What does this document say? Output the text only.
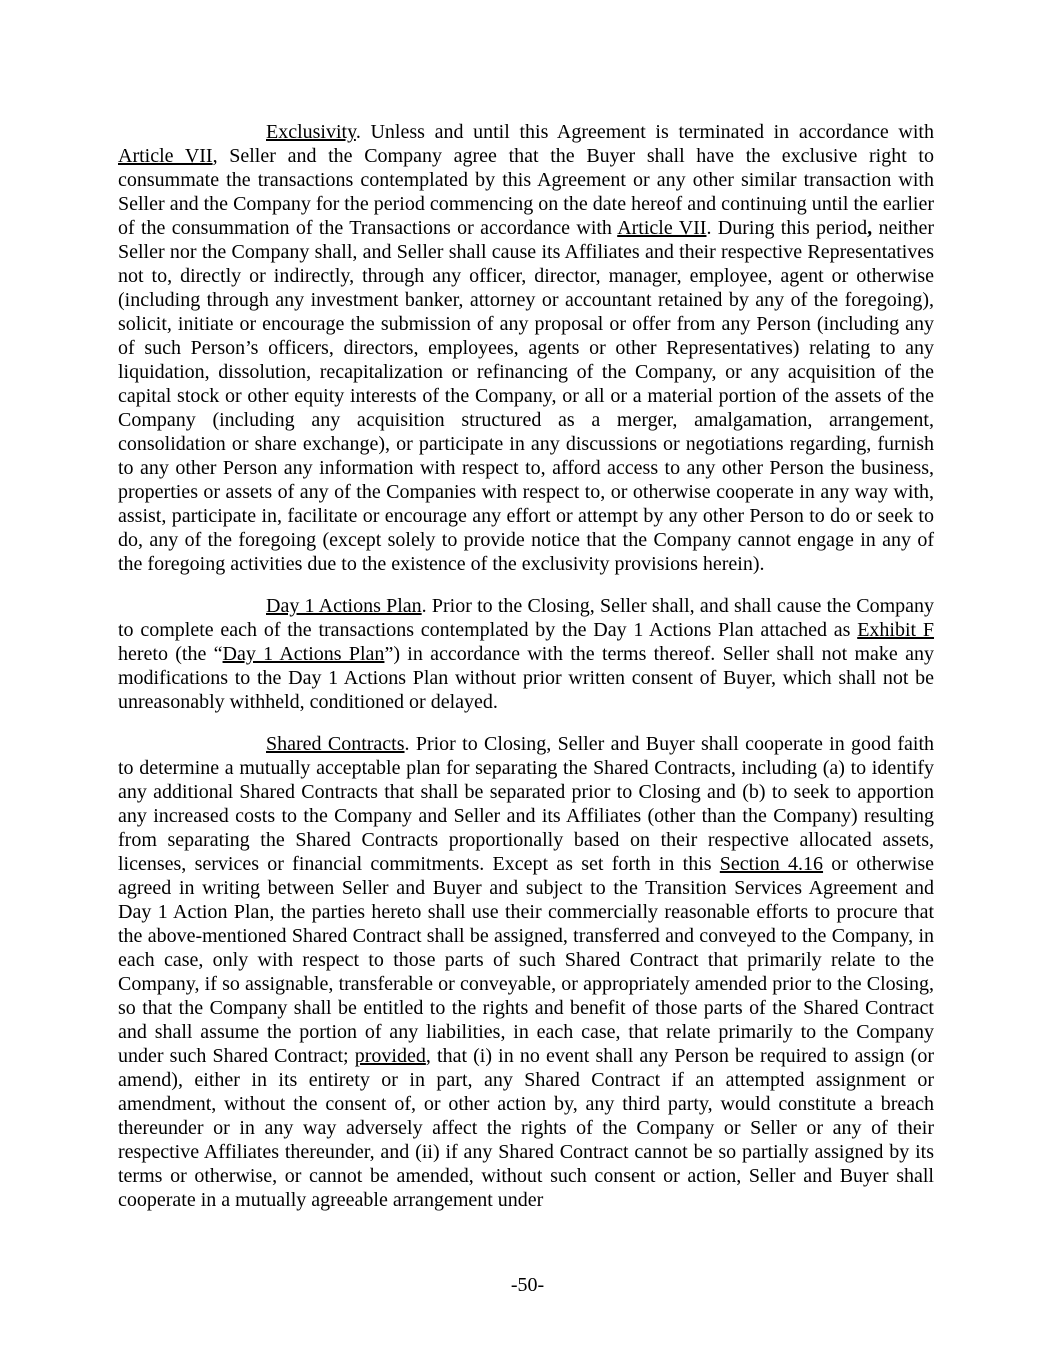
Exclusivity. Unless and until this Agreement is terminated in accordance with Article VII, Seller and the Company agree that the Buyer shall have the exclusive right to consummate the transactions contemplated by this Agreement or any other similar transaction with Seller and the Company for the period commencing on the date hereof and continuing until the earlier of the consummation of the Transactions or accordance with Article VII. During this period, neither Seller nor the Company shall, and Seller shall cause its Affiliates and their respective Representatives not to, directly or indirectly, through any officer, director, manager, employee, agent or otherwise (including through any investment banker, attorney or accountant retained by any of the foregoing), solicit, initiate or encourage the submission of any proposal or offer from any Person (including any of such Person’s officers, directors, employees, agents or other Representatives) relating to any liquidation, dissolution, recapitalization or refinancing of the Company, or any acquisition of the capital stock or other equity interests of the Company, or all or a material portion of the assets of the Company (including any acquisition structured as a merger, amalgamation, arrangement, consolidation or share exchange), or participate in any discussions or negotiations regarding, furnish to any other Person any information with respect to, afford access to any other Person the business, properties or assets of any of the Companies with respect to, or otherwise cooperate in any way with, assist, participate in, facilitate or encourage any effort or attempt by any other Person to do or seek to do, any of the foregoing (except solely to provide notice that the Company cannot engage in any of the foregoing activities due to the existence of the exclusivity provisions herein).

Day 1 Actions Plan. Prior to the Closing, Seller shall, and shall cause the Company to complete each of the transactions contemplated by the Day 1 Actions Plan attached as Exhibit F hereto (the “Day 1 Actions Plan”) in accordance with the terms thereof. Seller shall not make any modifications to the Day 1 Actions Plan without prior written consent of Buyer, which shall not be unreasonably withheld, conditioned or delayed.

Shared Contracts. Prior to Closing, Seller and Buyer shall cooperate in good faith to determine a mutually acceptable plan for separating the Shared Contracts, including (a) to identify any additional Shared Contracts that shall be separated prior to Closing and (b) to seek to apportion any increased costs to the Company and Seller and its Affiliates (other than the Company) resulting from separating the Shared Contracts proportionally based on their respective allocated assets, licenses, services or financial commitments. Except as set forth in this Section 4.16 or otherwise agreed in writing between Seller and Buyer and subject to the Transition Services Agreement and Day 1 Action Plan, the parties hereto shall use their commercially reasonable efforts to procure that the above-mentioned Shared Contract shall be assigned, transferred and conveyed to the Company, in each case, only with respect to those parts of such Shared Contract that primarily relate to the Company, if so assignable, transferable or conveyable, or appropriately amended prior to the Closing, so that the Company shall be entitled to the rights and benefit of those parts of the Shared Contract and shall assume the portion of any liabilities, in each case, that relate primarily to the Company under such Shared Contract; provided, that (i) in no event shall any Person be required to assign (or amend), either in its entirety or in part, any Shared Contract if an attempted assignment or amendment, without the consent of, or other action by, any third party, would constitute a breach thereunder or in any way adversely affect the rights of the Company or Seller or any of their respective Affiliates thereunder, and (ii) if any Shared Contract cannot be so partially assigned by its terms or otherwise, or cannot be amended, without such consent or action, Seller and Buyer shall cooperate in a mutually agreeable arrangement under

-50-
